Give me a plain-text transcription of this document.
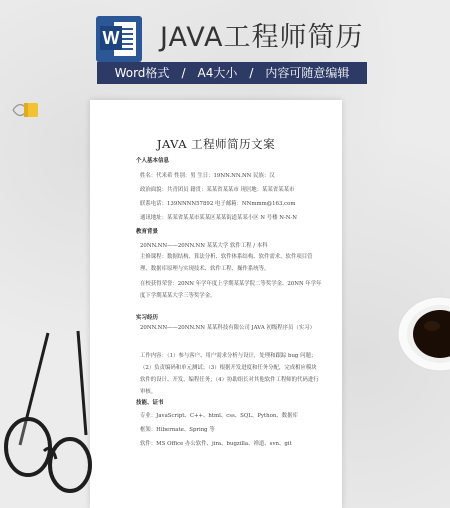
W JAVA工程师简历
Word格式 / A4大小 / 内容可随意编辑
JAVA 工程师简历文案
个人基本信息
姓名：代米希 性别：男 生日：19NN.NN.NN 民族：汉
政治面貌：共青团员 籍贯：某某省某某市 现居地：某某省某某市
联系电话：139NNNN57892 电子邮箱：NNmmm@163.com
通讯地址：某某省某某市某某区某某街道某某小区 N 号楼 N-N-N
教育背景
20NN.NN——20NN.NN 某某大学 软件工程 / 本科
主修课程：数据结构、算法分析、软件体系结构、软件需求、软件项目管理、数据库原理与实现技术、软件工程、操作系统等。
在校获得荣誉：20NN 年学年度上学期某某学院二等奖学金、20NN 年学年度下学期某某大学三等奖学金。
实习经历
20NN.NN——20NN.NN 某某科技有限公司 JAVA 初级程序员（实习）
工作内容：（1）参与客户、用户需求分析与设计，处理和跟踪 bug 问题；（2）负责编码和单元测试；（3）根据开发进度和任务分配，完成相应模块软件的设计、开发、编程任务；（4）协助组长对其他软件工程师的代码进行审核。
技能、证书
专业：JavaScript、C++、html、css、SQL、Python、数据库
框架：Hibernate、Spring 等
软件：MS Office 办公软件、jira、bugzilla、禅道、svn、git
